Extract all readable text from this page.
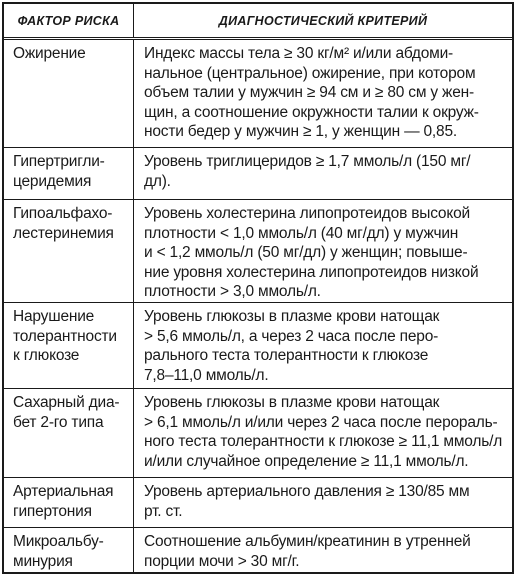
ФАКТОР РИСКА	ДИАГНОСТИЧЕСКИЙ КРИТЕРИЙ
Ожирение	Индекс массы тела ≥ 30 кг/м² и/или абдоми-
нальное (центральное) ожирение, при котором
объем талии у мужчин ≥ 94 см и ≥ 80 см у жен-
щин, а соотношение окружности талии к окруж-
ности бедер у мужчин ≥ 1, у женщин — 0,85.
Гипертригли-
церидемия
Уровень триглицеридов ≥ 1,7 ммоль/л (150 мг/
дл).
Гипоальфахо-
лестеринемия
Уровень холестерина липопротеидов высокой
плотности < 1,0 ммоль/л (40 мг/дл) у мужчин
и < 1,2 ммоль/л (50 мг/дл) у женщин; повыше-
ние уровня холестерина липопротеидов низкой
плотности > 3,0 ммоль/л.
Нарушение
толерантности
к глюкозе
Уровень глюкозы в плазме крови натощак
> 5,6 ммоль/л, а через 2 часа после перо-
рального теста толерантности к глюкозе
7,8–11,0 ммоль/л.
Сахарный диа-
бет 2-го типа
Уровень глюкозы в плазме крови натощак
> 6,1 ммоль/л и/или через 2 часа после перораль-
ного теста толерантности к глюкозе ≥ 11,1 ммоль/л
и/или случайное определение ≥ 11,1 ммоль/л.
Артериальная
гипертония
Уровень артериального давления ≥ 130/85 мм
рт. ст.
Микроальбу-
минурия
Соотношение альбумин/креатинин в утренней
порции мочи > 30 мг/г.
